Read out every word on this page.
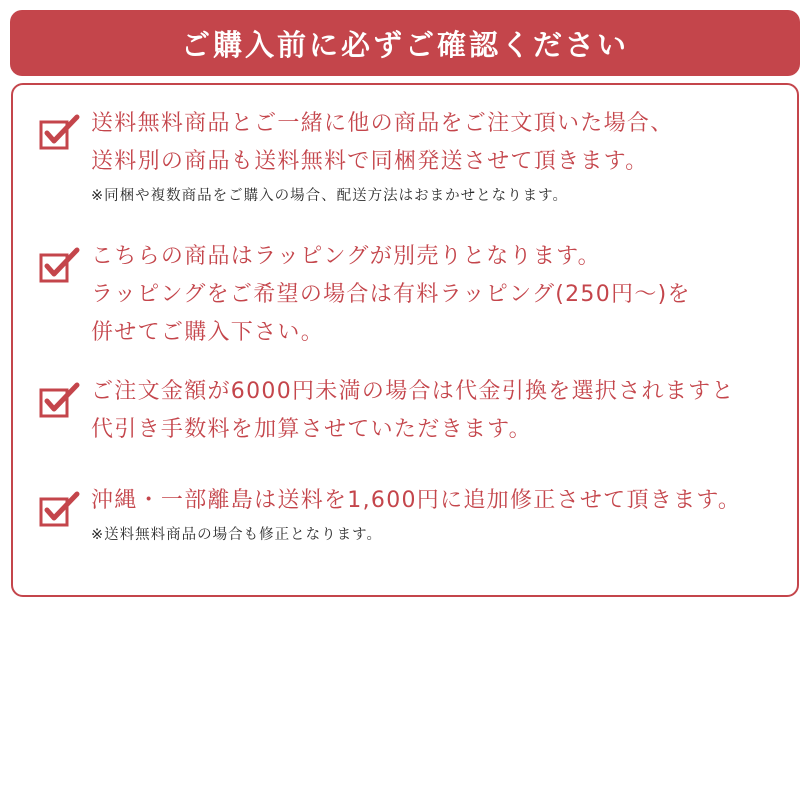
ご購入前に必ずご確認ください
送料無料商品とご一緒に他の商品をご注文頂いた場合、
送料別の商品も送料無料で同梱発送させて頂きます。
※同梱や複数商品をご購入の場合、配送方法はおまかせとなります。
こちらの商品はラッピングが別売りとなります。
ラッピングをご希望の場合は有料ラッピング(250円～)を
併せてご購入下さい。
ご注文金額が6000円未満の場合は代金引換を選択されますと
代引き手数料を加算させていただきます。
沖縄・一部離島は送料を1,600円に追加修正させて頂きます。
※送料無料商品の場合も修正となります。
